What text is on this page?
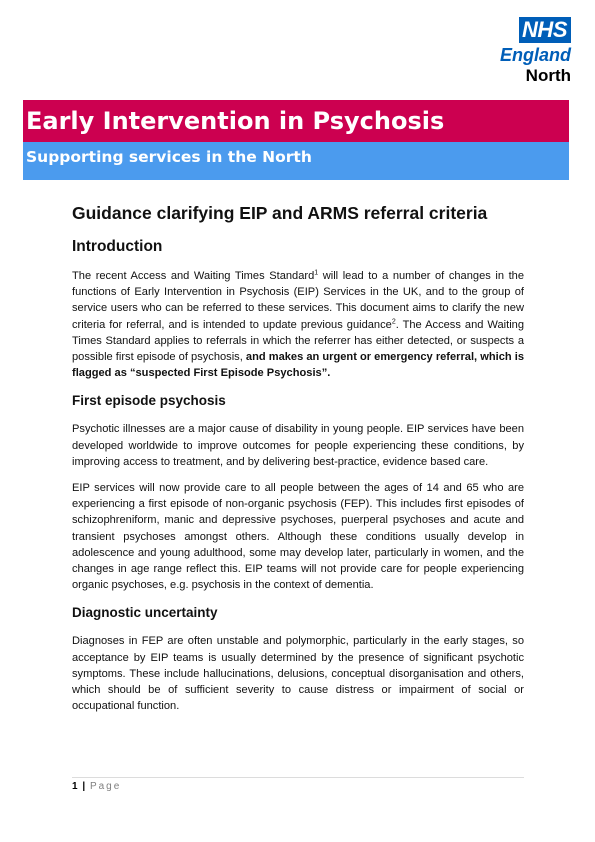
NHS
England
North
Early Intervention in Psychosis
Supporting services in the North
Guidance clarifying EIP and ARMS referral criteria
Introduction

The recent Access and Waiting Times Standard$^1$ will lead to a number of changes in the functions of Early Intervention in Psychosis (EIP) Services in the UK, and to the group of service users who can be referred to these services. This document aims to clarify the new criteria for referral, and is intended to update previous guidance$^2$. The Access and Waiting Times Standard applies to referrals in which the referrer has either detected, or suspects a possible first episode of psychosis, and makes an urgent or emergency referral, which is flagged as “suspected First Episode Psychosis”.

First episode psychosis

Psychotic illnesses are a major cause of disability in young people. EIP services have been developed worldwide to improve outcomes for people experiencing these conditions, by improving access to treatment, and by delivering best-practice, evidence based care.

EIP services will now provide care to all people between the ages of 14 and 65 who are experiencing a first episode of non-organic psychosis (FEP). This includes first episodes of schizophreniform, manic and depressive psychoses, puerperal psychoses and acute and transient psychoses amongst others. Although these conditions usually develop in adolescence and young adulthood, some may develop later, particularly in women, and the changes in age range reflect this. EIP teams will not provide care for people experiencing organic psychoses, e.g. psychosis in the context of dementia.

Diagnostic uncertainty

Diagnoses in FEP are often unstable and polymorphic, particularly in the early stages, so acceptance by EIP teams is usually determined by the presence of significant psychotic symptoms. These include hallucinations, delusions, conceptual disorganisation and others, which should be of sufficient severity to cause distress or impairment of social or occupational function.

1 | Page
